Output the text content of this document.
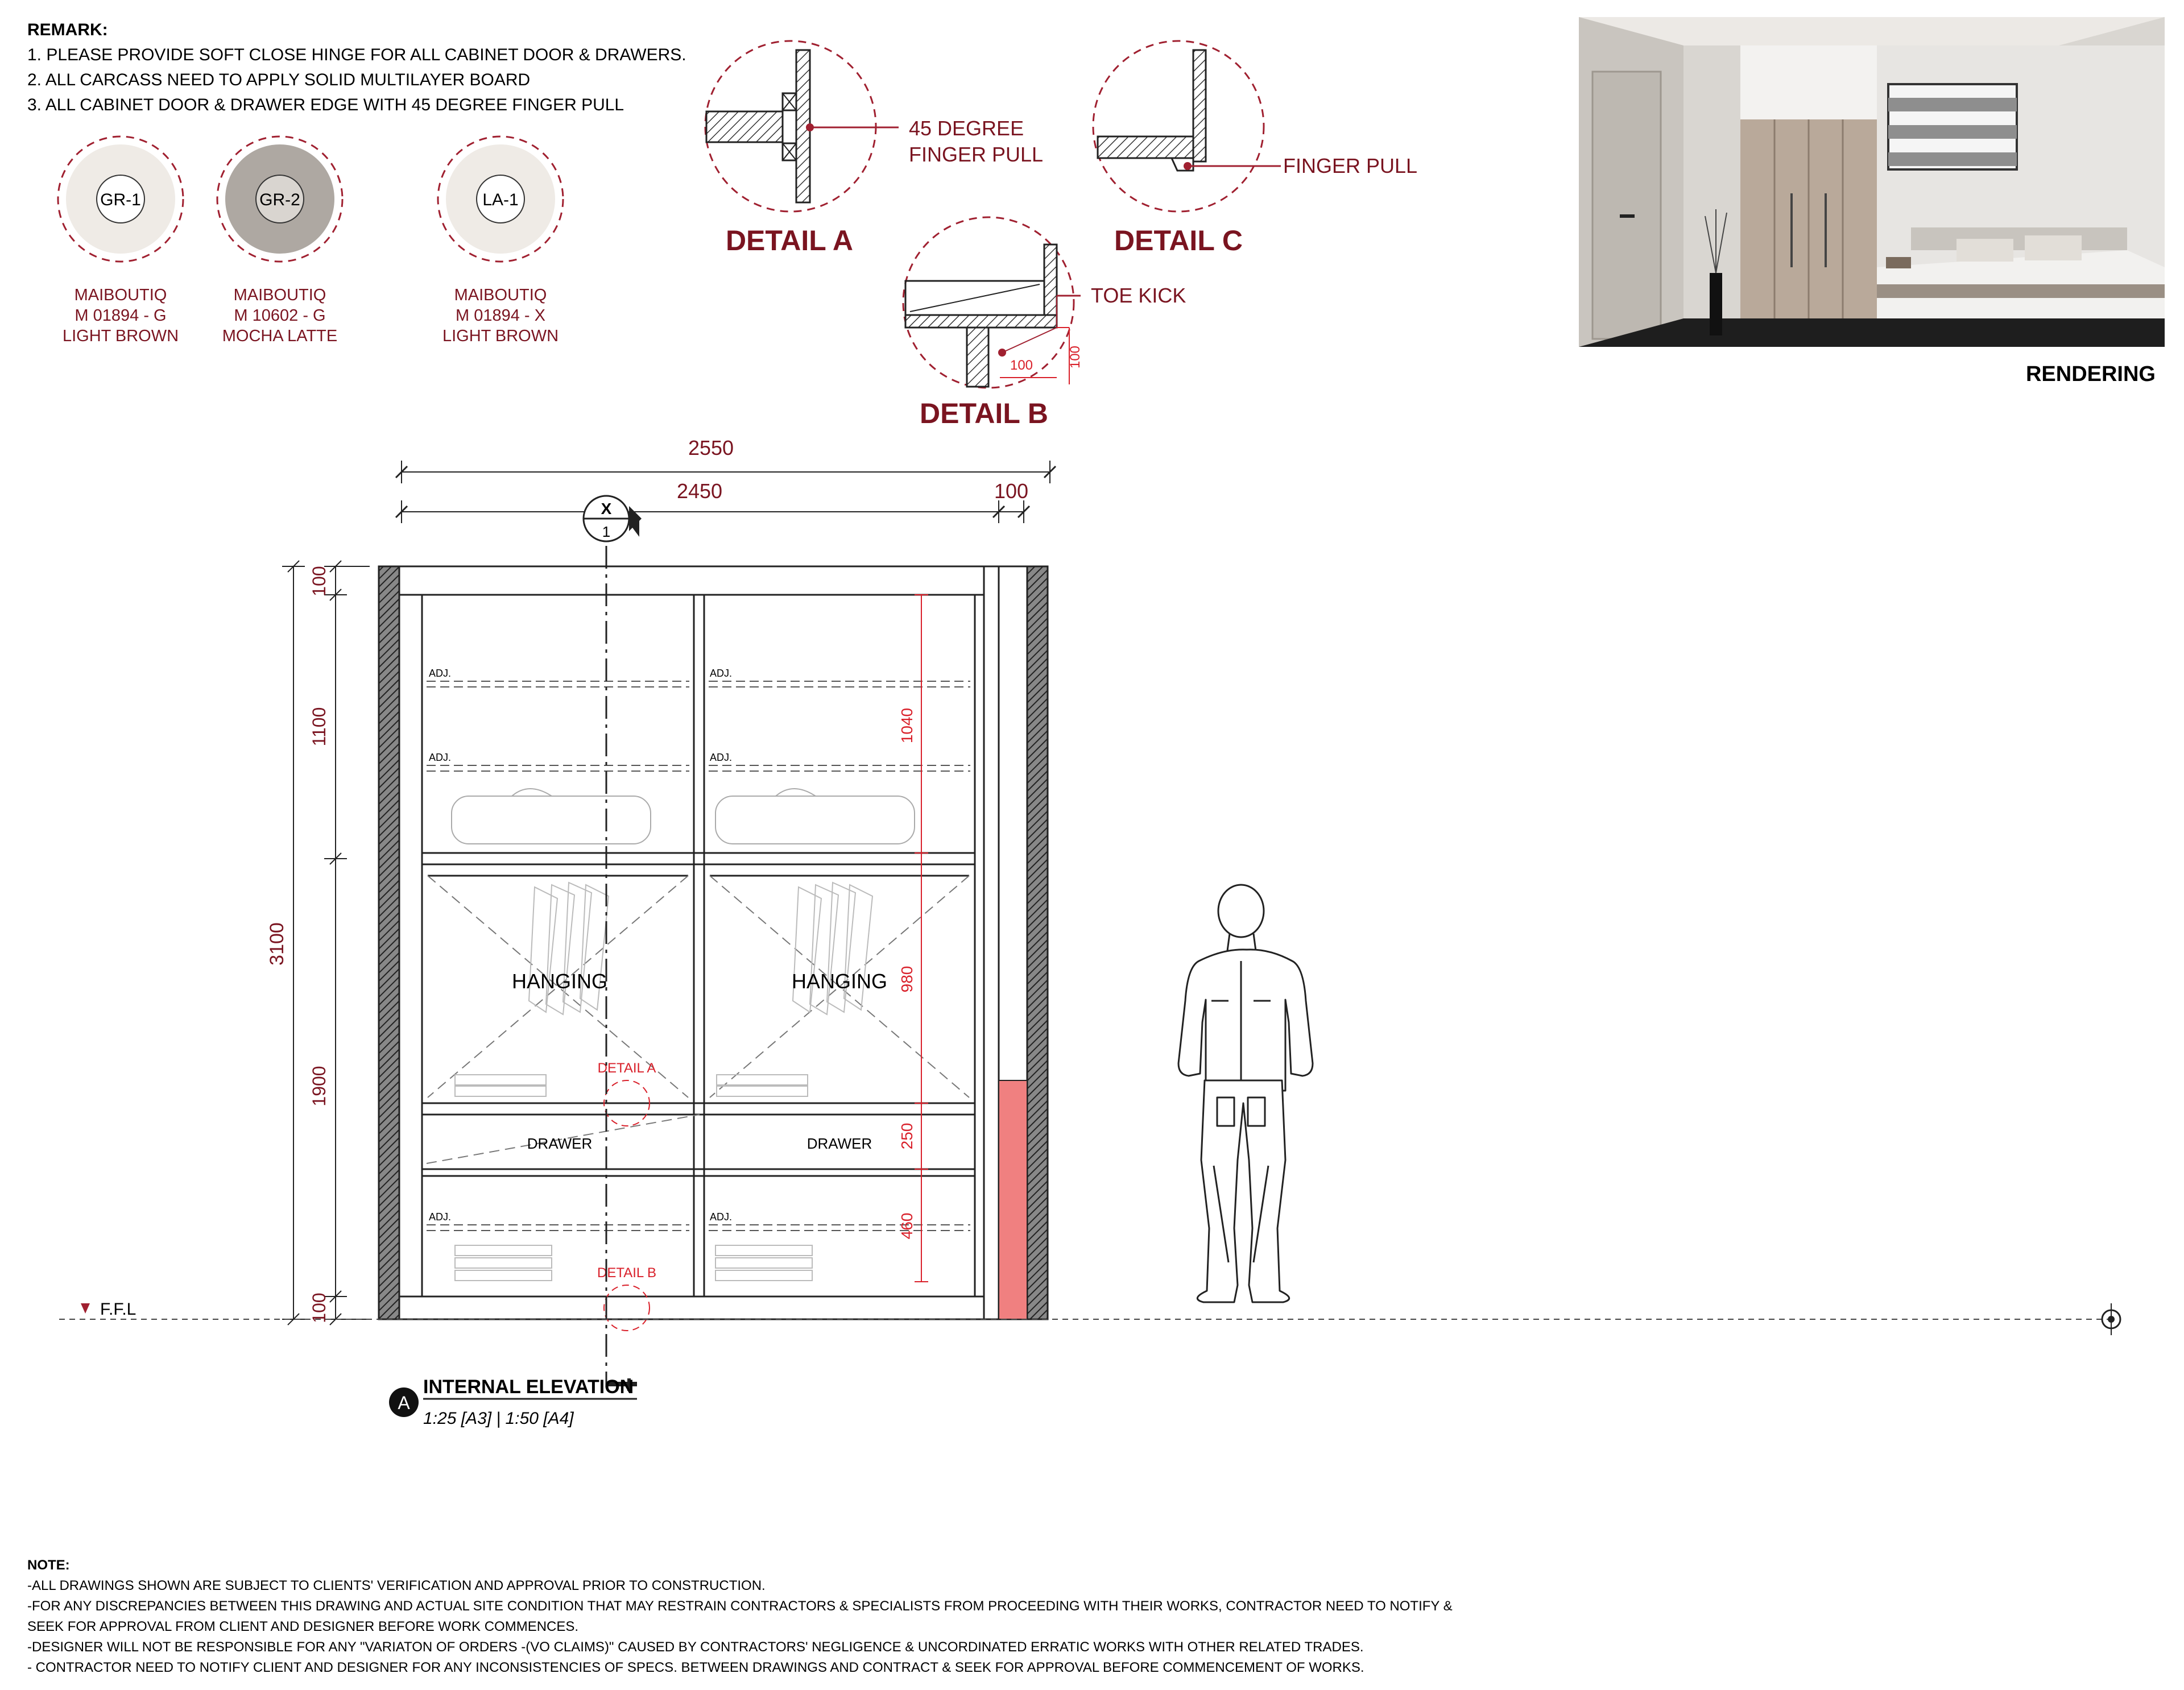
REMARK:
1. PLEASE PROVIDE SOFT CLOSE HINGE FOR ALL CABINET DOOR & DRAWERS.
2. ALL CARCASS NEED TO APPLY SOLID MULTILAYER BOARD
3. ALL CABINET DOOR & DRAWER EDGE WITH 45 DEGREE FINGER PULL
GR-1
MAIBOUTIQ
M 01894 - G
LIGHT BROWN
GR-2
MAIBOUTIQ
M 10602 - G
MOCHA LATTE
LA-1
MAIBOUTIQ
M 01894 - X
LIGHT BROWN
45 DEGREE
FINGER PULL
DETAIL A
FINGER PULL
DETAIL C
TOE KICK
100	100
DETAIL B
RENDERING
2550
2450	100
X
1
ADJ.	ADJ.
ADJ.	ADJ.
ADJ.	ADJ.
HANGING	HANGING
DRAWER	DRAWER
DETAIL A
DETAIL B
1040
980
250
460
3100
100
1100
1900
100
F.F.L
A
INTERNAL ELEVATION
1:25 [A3] | 1:50 [A4]
NOTE:
-ALL DRAWINGS SHOWN ARE SUBJECT TO CLIENTS' VERIFICATION AND APPROVAL PRIOR TO CONSTRUCTION.
-FOR ANY DISCREPANCIES BETWEEN THIS DRAWING AND ACTUAL SITE CONDITION THAT MAY RESTRAIN CONTRACTORS & SPECIALISTS FROM PROCEEDING WITH THEIR WORKS, CONTRACTOR NEED TO NOTIFY &
SEEK FOR APPROVAL FROM CLIENT AND DESIGNER BEFORE WORK COMMENCES.
-DESIGNER WILL NOT BE RESPONSIBLE FOR ANY "VARIATON OF ORDERS -(VO CLAIMS)" CAUSED BY CONTRACTORS' NEGLIGENCE & UNCORDINATED ERRATIC WORKS WITH OTHER RELATED TRADES.
- CONTRACTOR NEED TO NOTIFY CLIENT AND DESIGNER FOR ANY INCONSISTENCIES OF SPECS. BETWEEN DRAWINGS AND CONTRACT & SEEK FOR APPROVAL BEFORE COMMENCEMENT OF WORKS.
